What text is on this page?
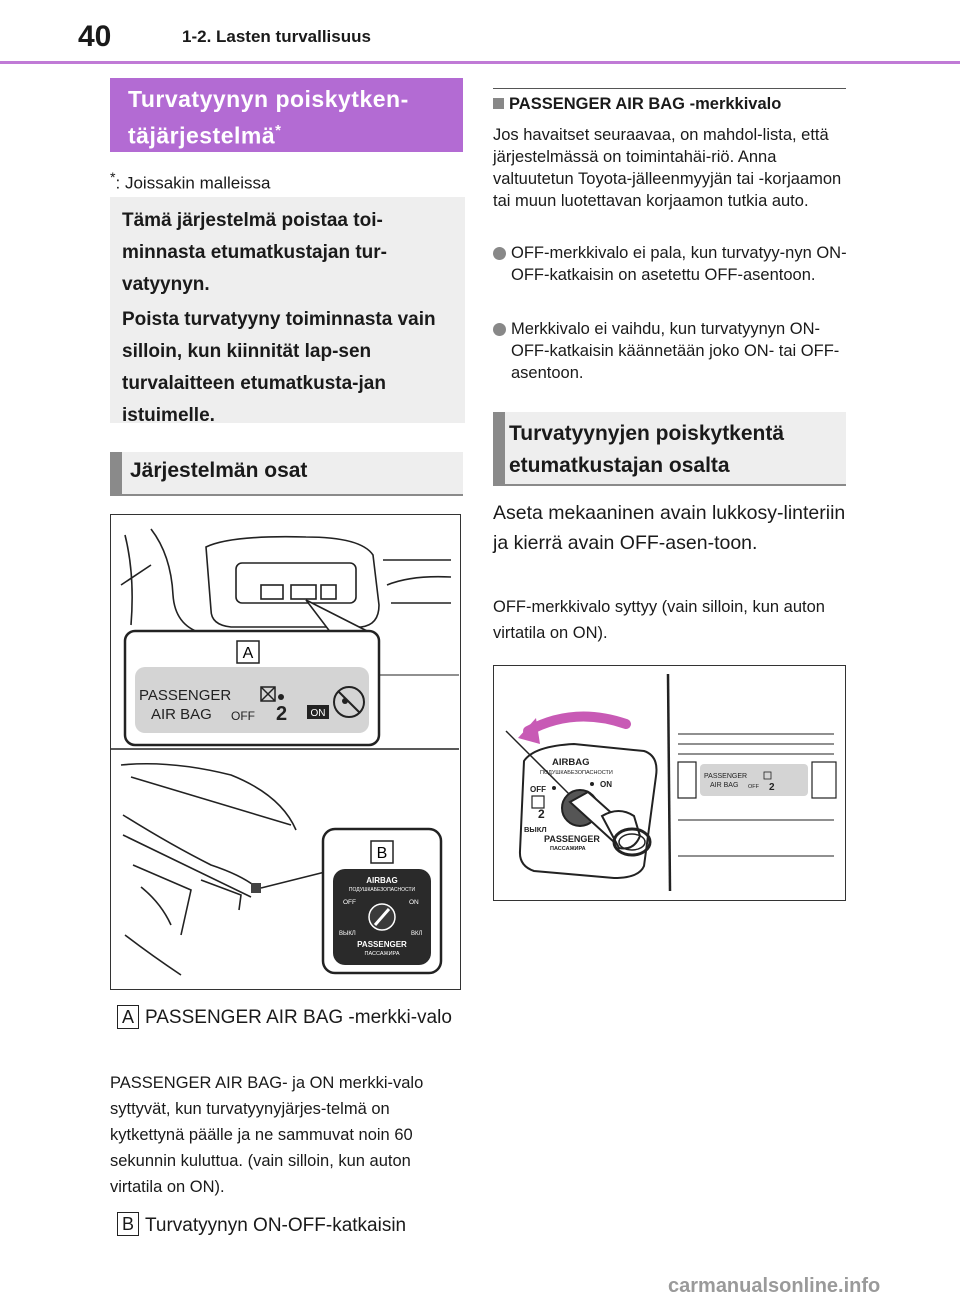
40	1-2. Lasten turvallisuus
Turvatyynyn poiskytken-
täjärjestelmä*
*: Joissakin malleissa

Tämä järjestelmä poistaa toi-minnasta etumatkustajan tur-vatyynyn.

Poista turvatyyny toiminnasta vain silloin, kun kiinnität lap-sen turvalaitteen etumatkusta-jan istuimelle.

Järjestelmän osat
A
PASSENGER
AIR BAG OFF 2 ON
B
AIRBAG
ПОДУШКАБЕЗОПАСНОСТИ
OFF	ON
ВЫКЛ	ВКЛ
PASSENGER
ПАССАЖИРА
A PASSENGER AIR BAG -merkki-valo
PASSENGER AIR BAG- ja ON merkki-valo syttyvät, kun turvatyynyjärjes-telmä on kytkettynä päälle ja ne sammuvat noin 60 sekunnin kuluttua. (vain silloin, kun auton virtatila on ON).
B Turvatyynyn ON-OFF-katkaisin
PASSENGER AIR BAG -merkkivalo
Jos havaitset seuraavaa, on mahdol-lista, että järjestelmässä on toimintahäi-riö. Anna valtuutetun Toyota-jälleenmyyjän tai -korjaamon tai muun luotettavan korjaamon tutkia auto.
OFF-merkkivalo ei pala, kun turvatyy-nyn ON-OFF-katkaisin on asetettu OFF-asentoon.
Merkkivalo ei vaihdu, kun turvatyynyn ON-OFF-katkaisin käännetään joko ON- tai OFF-asentoon.
Turvatyynyjen poiskytkentä
etumatkustajan osalta
Aseta mekaaninen avain lukkosy-linteriin ja kierrä avain OFF-asen-toon.
OFF-merkkivalo syttyy (vain silloin, kun auton virtatila on ON).
AIRBAG
ПОДУШКАБЕЗОПАСНОСТИ
OFF
ON
2
ВЫКЛ
PASSENGER
ПАССАЖИРА
PASSENGER
AIR BAG OFF 2
carmanualsonline.info
